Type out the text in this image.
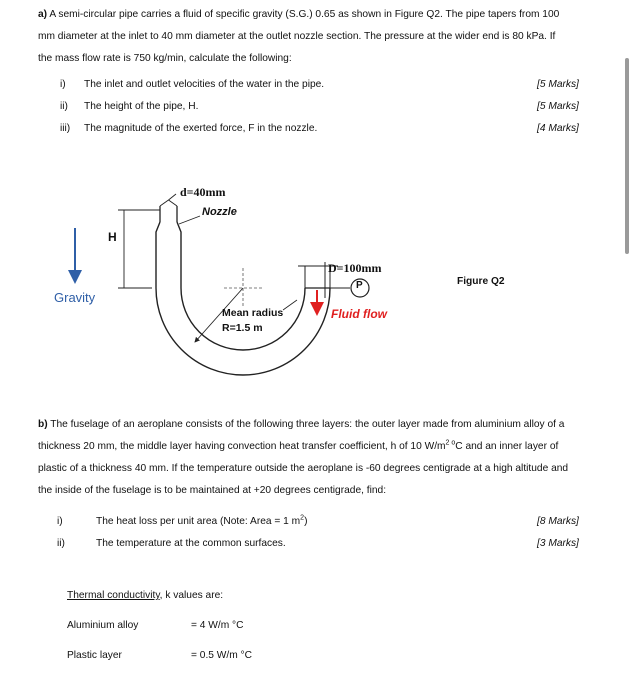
a) A semi-circular pipe carries a fluid of specific gravity (S.G.) 0.65 as shown in Figure Q2. The pipe tapers from 100
mm diameter at the inlet to 40 mm diameter at the outlet nozzle section. The pressure at the wider end is 80 kPa. If
the mass flow rate is 750 kg/min, calculate the following:
i) The inlet and outlet velocities of the water in the pipe.	[5 Marks]
ii) The height of the pipe, H.	[5 Marks]
iii) The magnitude of the exerted force, F in the nozzle.	[4 Marks]
d=40mm
Nozzle
H
Gravity
D=100mm
P
Fluid flow
Mean radius
R=1.5 m
Figure Q2
b) The fuselage of an aeroplane consists of the following three layers: the outer layer made from aluminium alloy of a
thickness 20 mm, the middle layer having convection heat transfer coefficient, h of 10 $W/m^{2 o}C$ and an inner layer of
plastic of a thickness 40 mm. If the temperature outside the aeroplane is -60 degrees centigrade at a high altitude and
the inside of the fuselage is to be maintained at +20 degrees centigrade, find:
i)	The heat loss per unit area (Note: Area = 1 $m^2$)	[8 Marks]
ii)	The temperature at the common surfaces.	[3 Marks]
Thermal conductivity, k values are:
Aluminium alloy	= 4 W/m °C
Plastic layer	= 0.5 W/m °C
